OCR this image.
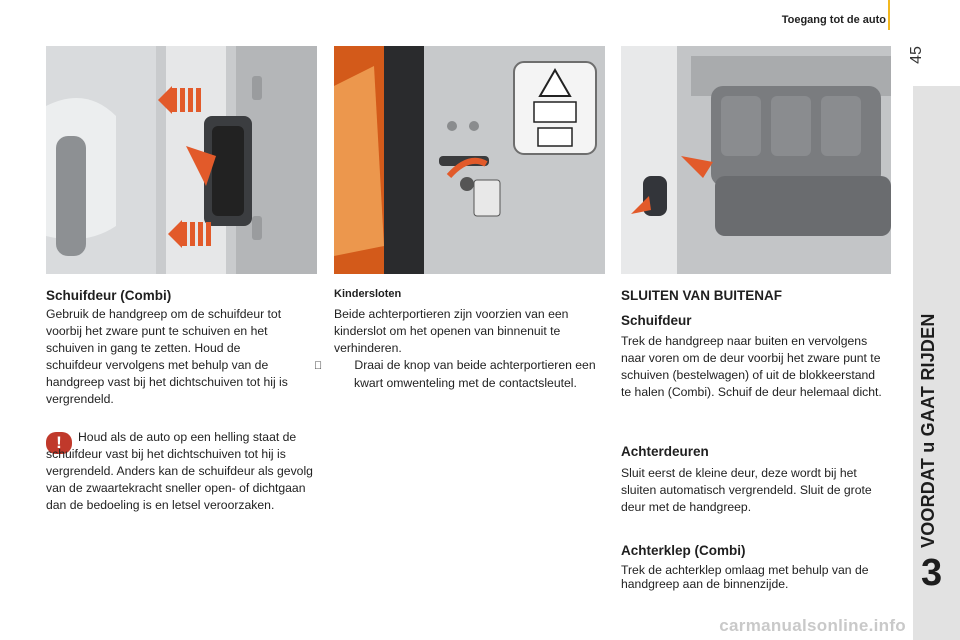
Toegang tot de auto
45
VOORDAT u GAAT RIJDEN
3
Schuifdeur (Combi)

Gebruik de handgreep om de schuifdeur tot voorbij het zware punt te schuiven en het schuiven in gang te zetten. Houd de schuifdeur vervolgens met behulp van de handgreep vast bij het dichtschuiven tot hij is vergrendeld.

!	Houd als de auto op een helling staat de schuifdeur vast bij het dichtschuiven tot hij is vergrendeld. Anders kan de schuifdeur als gevolg van de zwaartekracht sneller open- of dichtgaan dan de bedoeling is en letsel veroorzaken.

Kindersloten

Beide achterportieren zijn voorzien van een kinderslot om het openen van binnenuit te verhinderen.

Draai de knop van beide achterportieren een kwart omwenteling met de contactsleutel.

SLUITEN VAN BUITENAF
Schuifdeur

Trek de handgreep naar buiten en vervolgens naar voren om de deur voorbij het zware punt te schuiven (bestelwagen) of uit de blokkeerstand te halen (Combi). Schuif de deur helemaal dicht.

Achterdeuren

Sluit eerst de kleine deur, deze wordt bij het sluiten automatisch vergrendeld. Sluit de grote deur met de handgreep.

Achterklep (Combi)

Trek de achterklep omlaag met behulp van de handgreep aan de binnenzijde.

carmanualsonline.info
